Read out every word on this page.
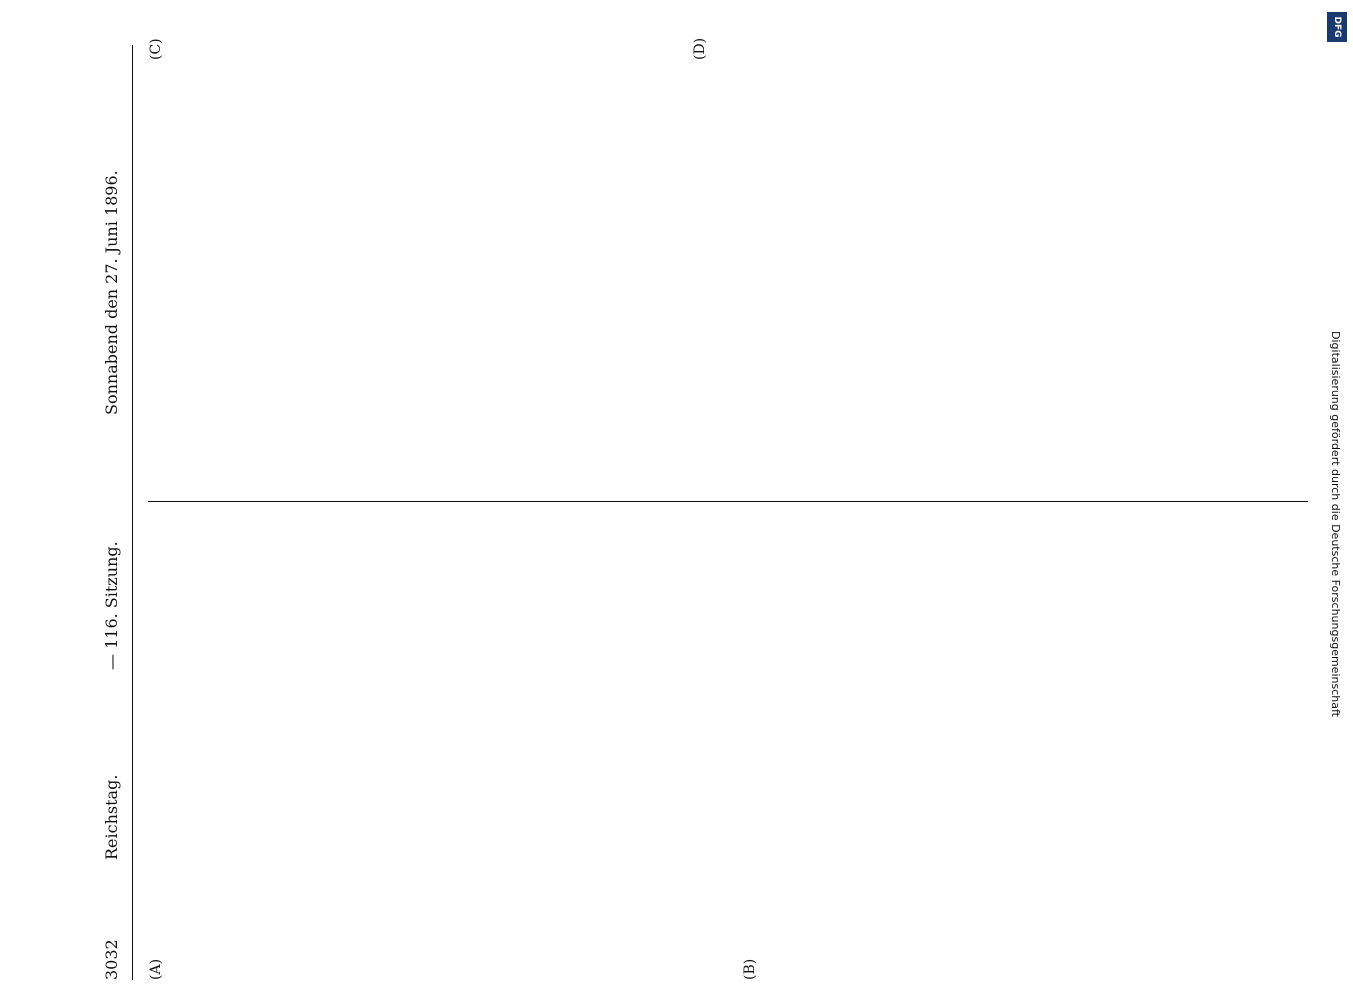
3032
Reichstag.
— 116. Sitzung.
Sonnabend den 27. Juni 1896.
(A)	(B)
(C)	(D)
DFG
Digitalisierung gefördert durch die Deutsche Forschungsgemeinschaft
